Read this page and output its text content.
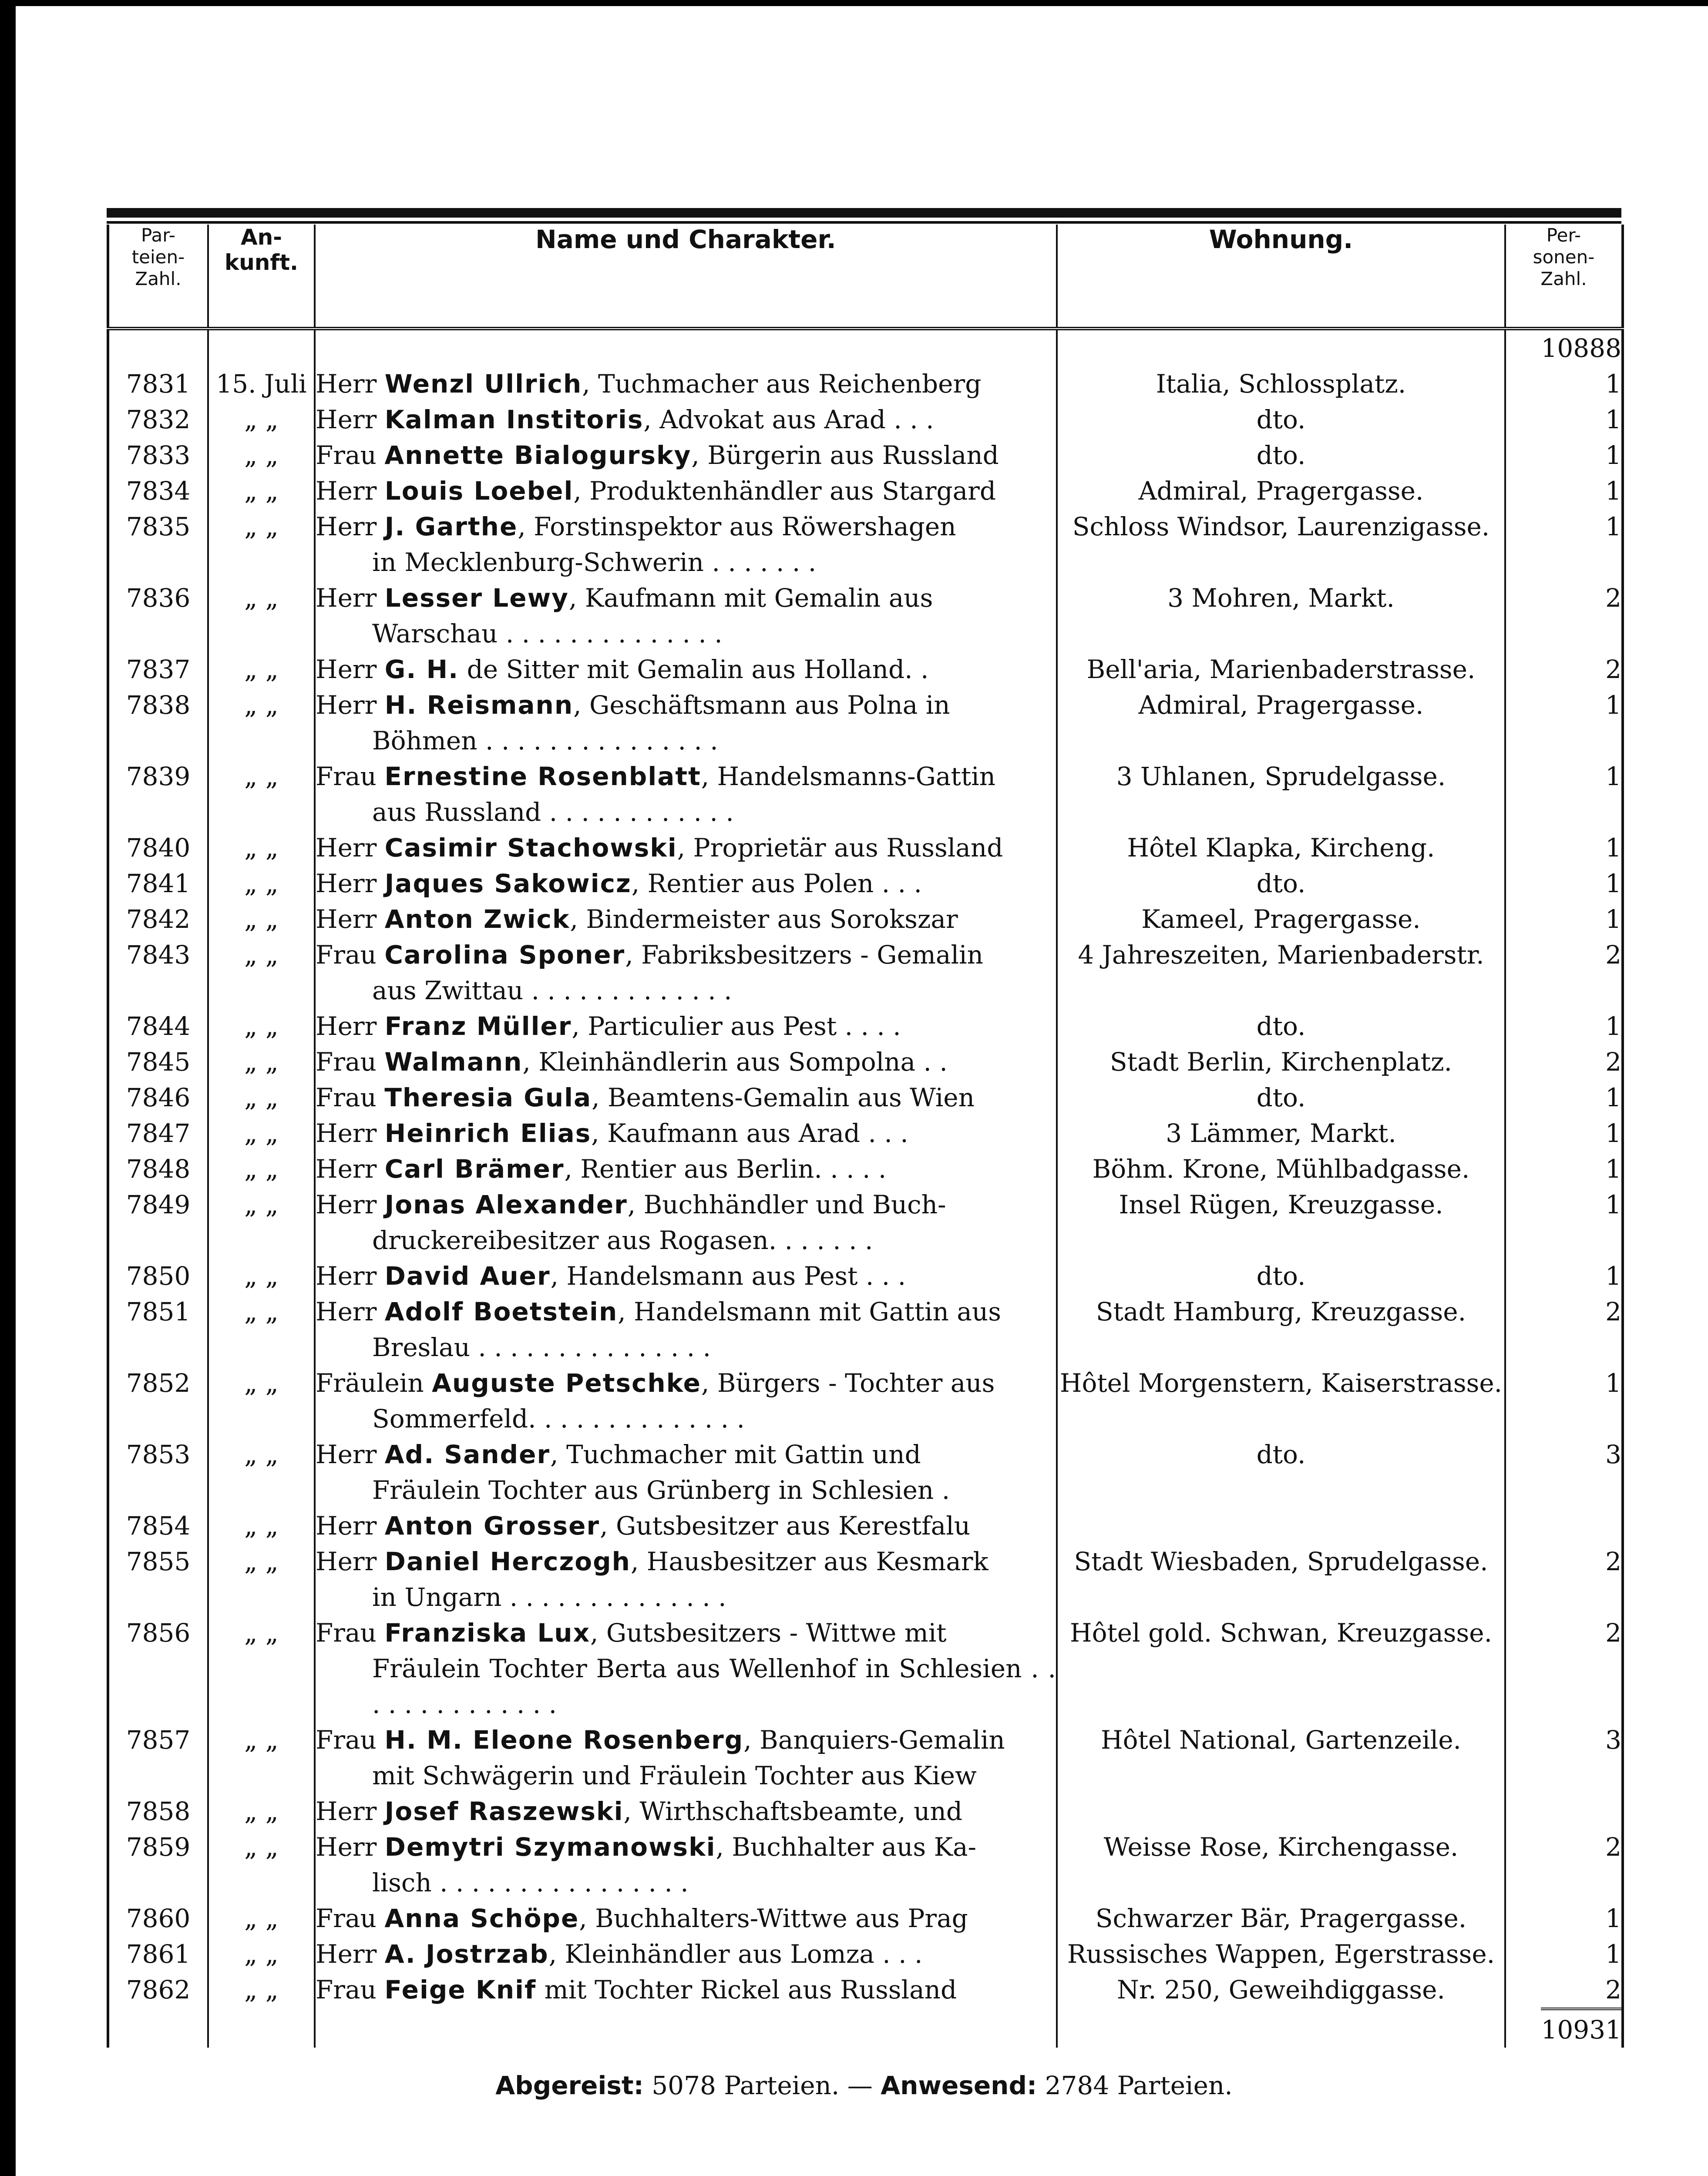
Par-
teien-
Zahl.	An-
kunft.	Name und Charakter.	Wohnung.	Per-
sonen-
Zahl.
				10888
7831	15. Juli	Herr Wenzl Ullrich, Tuchmacher aus Reichenberg	Italia, Schlossplatz.	1
7832	„ „	Herr Kalman Institoris, Advokat aus Arad . . .	dto.	1
7833	„ „	Frau Annette Bialogursky, Bürgerin aus Russland	dto.	1
7834	„ „	Herr Louis Loebel, Produktenhändler aus Stargard	Admiral, Pragergasse.	1
7835	„ „	Herr J. Garthe, Forstinspektor aus Röwershagen
in Mecklenburg-Schwerin . . . . . . .	Schloss Windsor, Laurenzigasse.	1
7836	„ „	Herr Lesser Lewy, Kaufmann mit Gemalin aus
Warschau . . . . . . . . . . . . . .	3 Mohren, Markt.	2
7837	„ „	Herr G. H. de Sitter mit Gemalin aus Holland. .	Bell'aria, Marienbaderstrasse.	2
7838	„ „	Herr H. Reismann, Geschäftsmann aus Polna in
Böhmen . . . . . . . . . . . . . . .	Admiral, Pragergasse.	1
7839	„ „	Frau Ernestine Rosenblatt, Handelsmanns-Gattin
aus Russland . . . . . . . . . . . .	3 Uhlanen, Sprudelgasse.	1
7840	„ „	Herr Casimir Stachowski, Proprietär aus Russland	Hôtel Klapka, Kircheng.	1
7841	„ „	Herr Jaques Sakowicz, Rentier aus Polen . . .	dto.	1
7842	„ „	Herr Anton Zwick, Bindermeister aus Sorokszar	Kameel, Pragergasse.	1
7843	„ „	Frau Carolina Sponer, Fabriksbesitzers - Gemalin
aus Zwittau . . . . . . . . . . . . .	4 Jahreszeiten, Marienbaderstr.	2
7844	„ „	Herr Franz Müller, Particulier aus Pest . . . .	dto.	1
7845	„ „	Frau Walmann, Kleinhändlerin aus Sompolna . .	Stadt Berlin, Kirchenplatz.	2
7846	„ „	Frau Theresia Gula, Beamtens-Gemalin aus Wien	dto.	1
7847	„ „	Herr Heinrich Elias, Kaufmann aus Arad . . .	3 Lämmer, Markt.	1
7848	„ „	Herr Carl Brämer, Rentier aus Berlin. . . . .	Böhm. Krone, Mühlbadgasse.	1
7849	„ „	Herr Jonas Alexander, Buchhändler und Buch-
druckereibesitzer aus Rogasen. . . . . . .	Insel Rügen, Kreuzgasse.	1
7850	„ „	Herr David Auer, Handelsmann aus Pest . . .	dto.	1
7851	„ „	Herr Adolf Boetstein, Handelsmann mit Gattin aus
Breslau . . . . . . . . . . . . . . .	Stadt Hamburg, Kreuzgasse.	2
7852	„ „	Fräulein Auguste Petschke, Bürgers - Tochter aus
Sommerfeld. . . . . . . . . . . . . .	Hôtel Morgenstern, Kaiserstrasse.	1
7853	„ „	Herr Ad. Sander, Tuchmacher mit Gattin und
Fräulein Tochter aus Grünberg in Schlesien .	dto.	3
7854	„ „	Herr Anton Grosser, Gutsbesitzer aus Kerestfalu		
7855	„ „	Herr Daniel Herczogh, Hausbesitzer aus Kesmark
in Ungarn . . . . . . . . . . . . . .	Stadt Wiesbaden, Sprudelgasse.	2
7856	„ „	Frau Franziska Lux, Gutsbesitzers - Wittwe mit
Fräulein Tochter Berta aus Wellenhof in Schlesien . . . . . . . . . . . . . .	Hôtel gold. Schwan, Kreuzgasse.	2
7857	„ „	Frau H. M. Eleone Rosenberg, Banquiers-Gemalin
mit Schwägerin und Fräulein Tochter aus Kiew	Hôtel National, Gartenzeile.	3
7858	„ „	Herr Josef Raszewski, Wirthschaftsbeamte, und		
7859	„ „	Herr Demytri Szymanowski, Buchhalter aus Ka-
lisch . . . . . . . . . . . . . . . .	Weisse Rose, Kirchengasse.	2
7860	„ „	Frau Anna Schöpe, Buchhalters-Wittwe aus Prag	Schwarzer Bär, Pragergasse.	1
7861	„ „	Herr A. Jostrzab, Kleinhändler aus Lomza . . .	Russisches Wappen, Egerstrasse.	1
7862	„ „	Frau Feige Knif mit Tochter Rickel aus Russland	Nr. 250, Geweihdiggasse.	2
				10931
Abgereist: 5078 Parteien. — Anwesend: 2784 Parteien.
